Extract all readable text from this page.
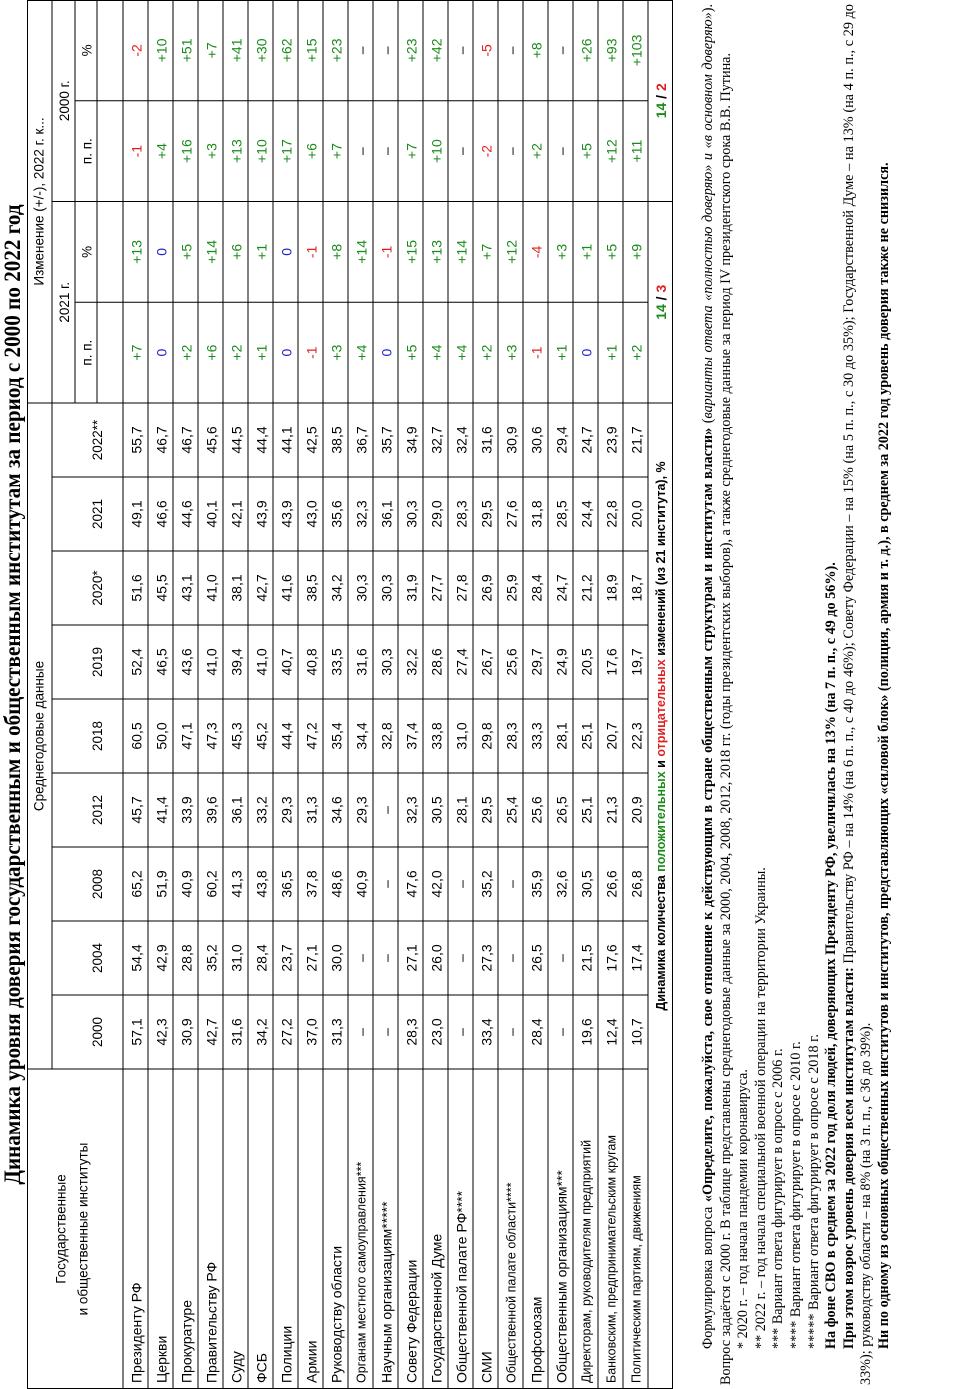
Динамика уровня доверия государственным и общественным институтам за период с 2000 по 2022 год
Государственные и общественные институты
Среднегодовые данные
Изменение (+/-), 2022 г. к...
2021 г.
2000 г.
п. п.
%
п. п.
%
2000
2004
2008
2012
2018
2019
2020*
2021
2022**
Президенту РФ
57,1
54,4
65,2
45,7
60,5
52,4
51,6
49,1
55,7
+7
+13
-1
-2
Церкви
42,3
42,9
51,9
41,4
50,0
46,5
45,5
46,6
46,7
0
0
+4
+10
Прокуратуре
30,9
28,8
40,9
33,9
47,1
43,6
43,1
44,6
46,7
+2
+5
+16
+51
Правительству РФ
42,7
35,2
60,2
39,6
47,3
41,0
41,0
40,1
45,6
+6
+14
+3
+7
Суду
31,6
31,0
41,3
36,1
45,3
39,4
38,1
42,1
44,5
+2
+6
+13
+41
ФСБ
34,2
28,4
43,8
33,2
45,2
41,0
42,7
43,9
44,4
+1
+1
+10
+30
Полиции
27,2
23,7
36,5
29,3
44,4
40,7
41,6
43,9
44,1
0
0
+17
+62
Армии
37,0
27,1
37,8
31,3
47,2
40,8
38,5
43,0
42,5
-1
-1
+6
+15
Руководству области
31,3
30,0
48,6
34,6
35,4
33,5
34,2
35,6
38,5
+3
+8
+7
+23
Органам местного самоуправления***
–
–
40,9
29,3
34,4
31,6
30,3
32,3
36,7
+4
+14
–
–
Научным организациям*****
–
–
–
–
32,8
30,3
30,3
36,1
35,7
0
-1
–
–
Совету Федерации
28,3
27,1
47,6
32,3
37,4
32,2
31,9
30,3
34,9
+5
+15
+7
+23
Государственной Думе
23,0
26,0
42,0
30,5
33,8
28,6
27,7
29,0
32,7
+4
+13
+10
+42
Общественной палате РФ****
–
–
–
28,1
31,0
27,4
27,8
28,3
32,4
+4
+14
–
–
СМИ
33,4
27,3
35,2
29,5
29,8
26,7
26,9
29,5
31,6
+2
+7
-2
-5
Общественной палате области****
–
–
–
25,4
28,3
25,6
25,9
27,6
30,9
+3
+12
–
–
Профсоюзам
28,4
26,5
35,9
25,6
33,3
29,7
28,4
31,8
30,6
-1
-4
+2
+8
Общественным организациям***
–
–
32,6
26,5
28,1
24,9
24,7
28,5
29,4
+1
+3
–
–
Директорам, руководителям предприятий
19,6
21,5
30,5
25,1
25,1
20,5
21,2
24,4
24,7
0
+1
+5
+26
Банковским, предпринимательским кругам
12,4
17,6
26,6
21,3
20,7
17,6
18,9
22,8
23,9
+1
+5
+12
+93
Политическим партиям, движениям
10,7
17,4
26,8
20,9
22,3
19,7
18,7
20,0
21,7
+2
+9
+11
+103
Динамика количества положительных и отрицательных изменений (из 21 института), %
14 / 3
14 / 2

Формулировка вопроса «Определите, пожалуйста, свое отношение к действующим в стране общественным структурам и институтам власти» (варианты ответа «полностью доверяю» и «в основном доверяю»). Вопрос задаётся с 2000 г. В таблице представлены среднегодовые данные за 2000, 2004, 2008, 2012, 2018 гг. (годы президентских выборов), а также среднегодовые данные за период IV президентского срока В.В. Путина. * 2020 г. – год начала пандемии коронавируса. ** 2022 г. – год начала специальной военной операции на территории Украины. *** Вариант ответа фигурирует в опросе с 2006 г. **** Вариант ответа фигурирует в опросе с 2010 г. ***** Вариант ответа фигурирует в опросе с 2018 г. На фоне СВО в среднем за 2022 год доля людей, доверяющих Президенту РФ, увеличилась на 13% (на 7 п. п., с 49 до 56%). При этом возрос уровень доверия всем институтам власти: Правительству РФ – на 14% (на 6 п. п., с 40 до 46%); Совету Федерации – на 15% (на 5 п. п., с 30 до 35%); Государственной Думе – на 13% (на 4 п. п., с 29 до 33%); руководству области – на 8% (на 3 п. п., с 36 до 39%). Ни по одному из основных общественных институтов и институтов, представляющих «силовой блок» (полиция, армия и т. д.), в среднем за 2022 год уровень доверия также не снизился.
